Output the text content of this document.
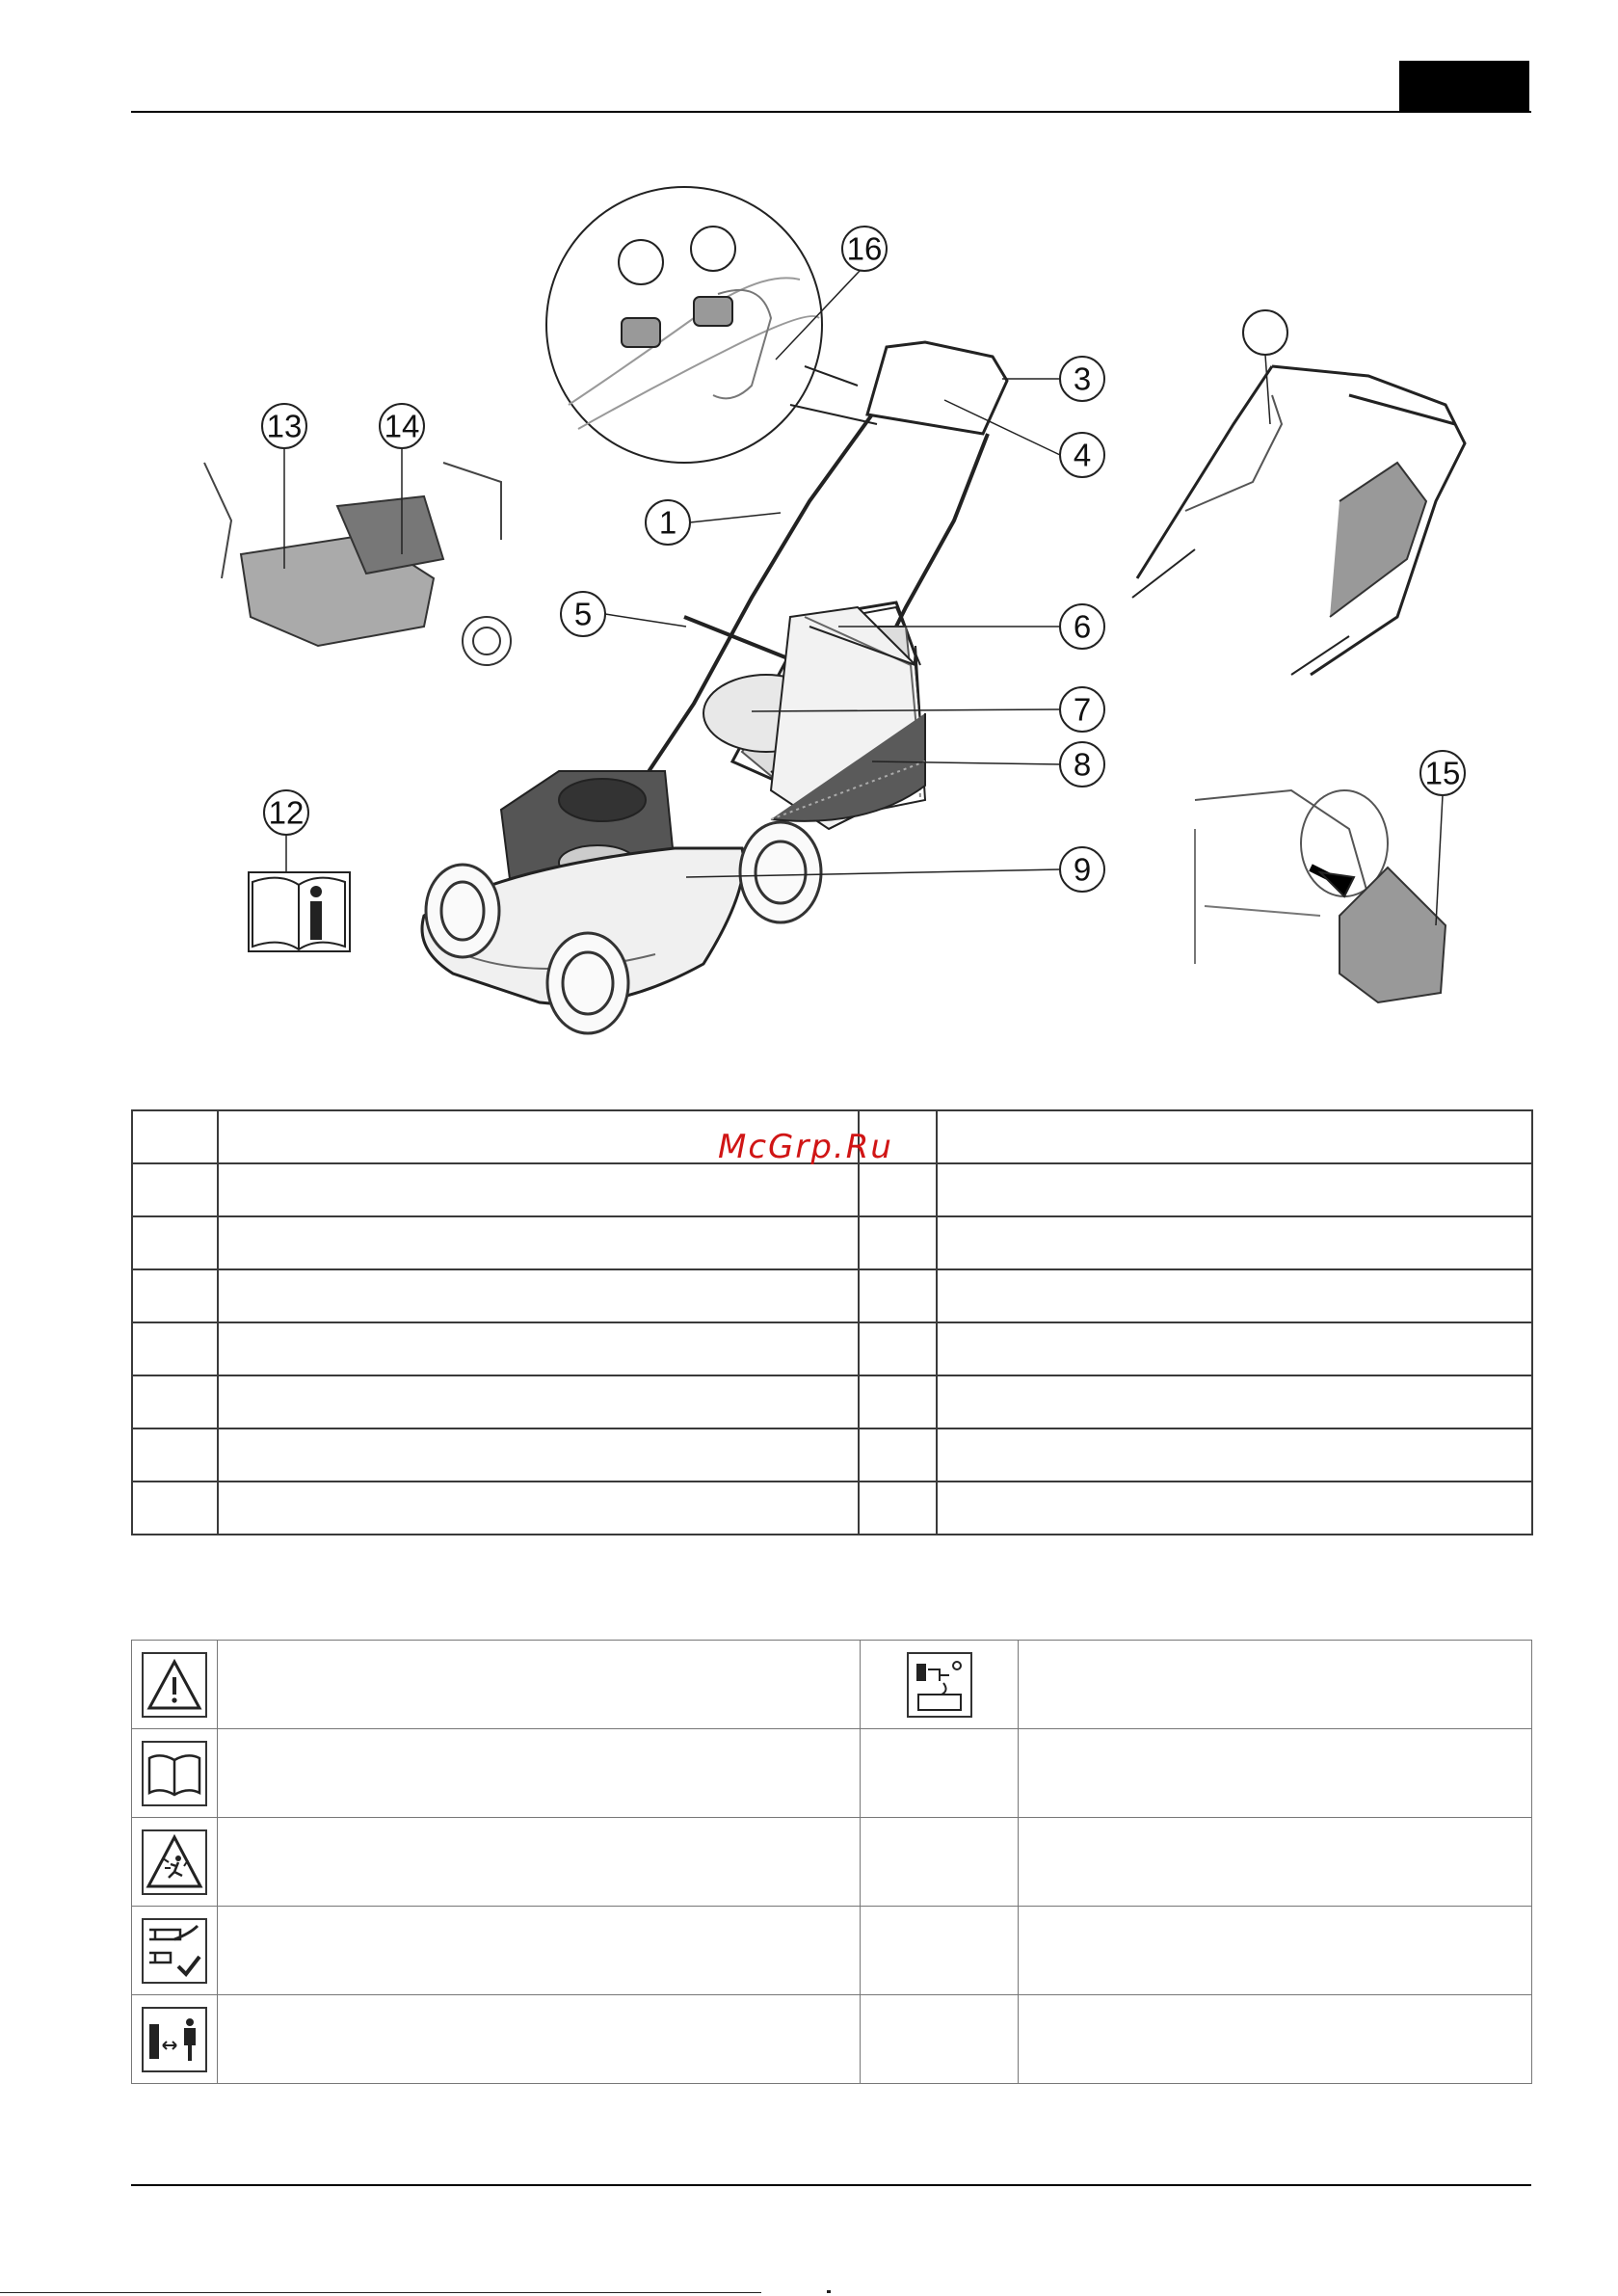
16
3
4
1
5	6
7
8
9
12
13	14
15

McGrp.Ru
